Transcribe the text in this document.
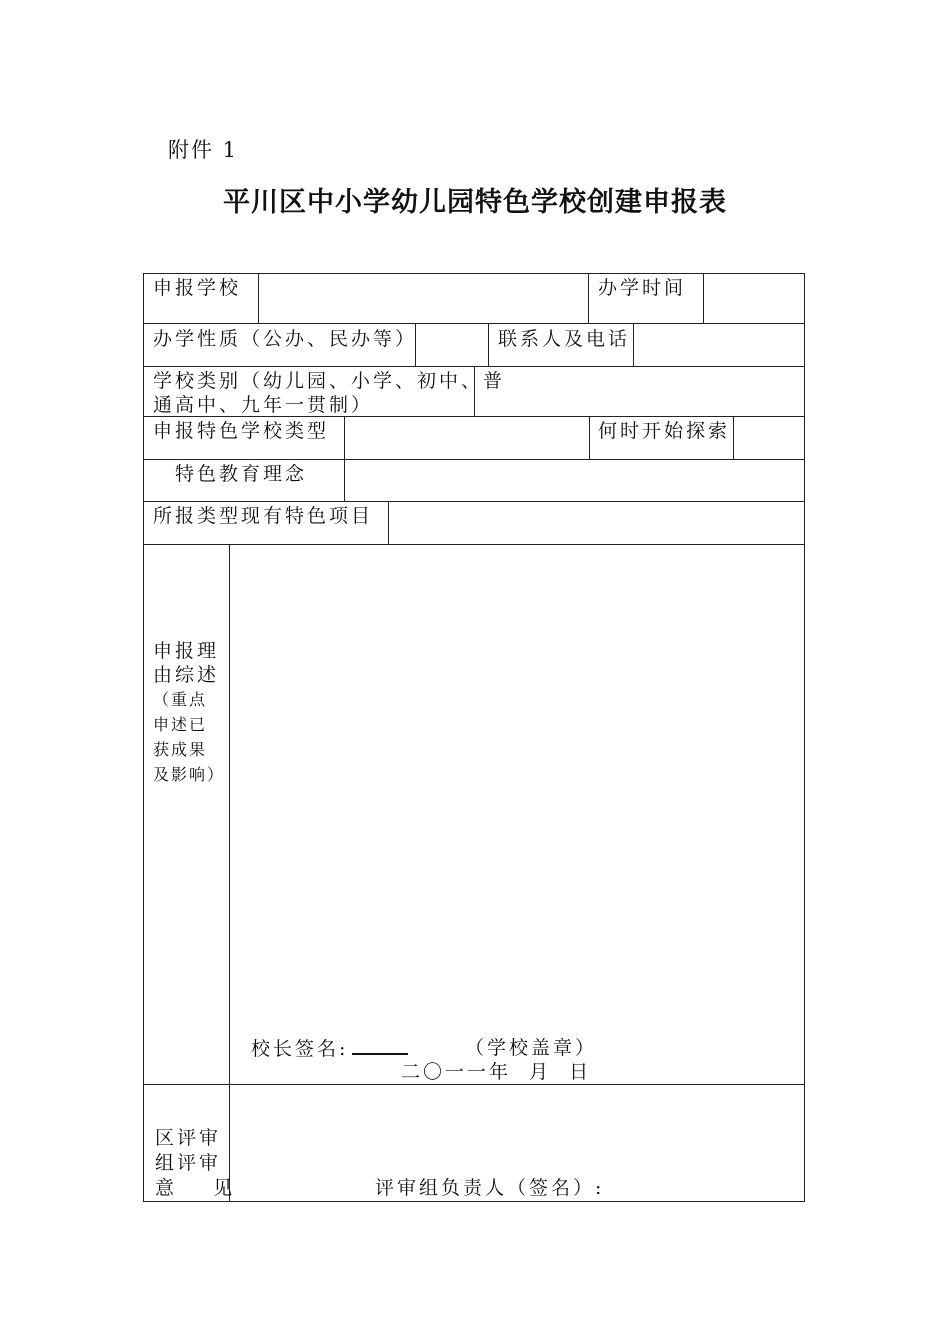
附件 1
平川区中小学幼儿园特色学校创建申报表
申报学校	办学时间
办学性质（公办、民办等）	联系人及电话
学校类别（幼儿园、小学、初中、普
通高中、九年一贯制）
申报特色学校类型	何时开始探索
特色教育理念
所报类型现有特色项目
申报理
由综述
（重点
申述已
获成果
及影响）
校长签名:	（学校盖章）
二〇一一年  月  日
区评审
组评审
意    见	评审组负责人（签名）:
